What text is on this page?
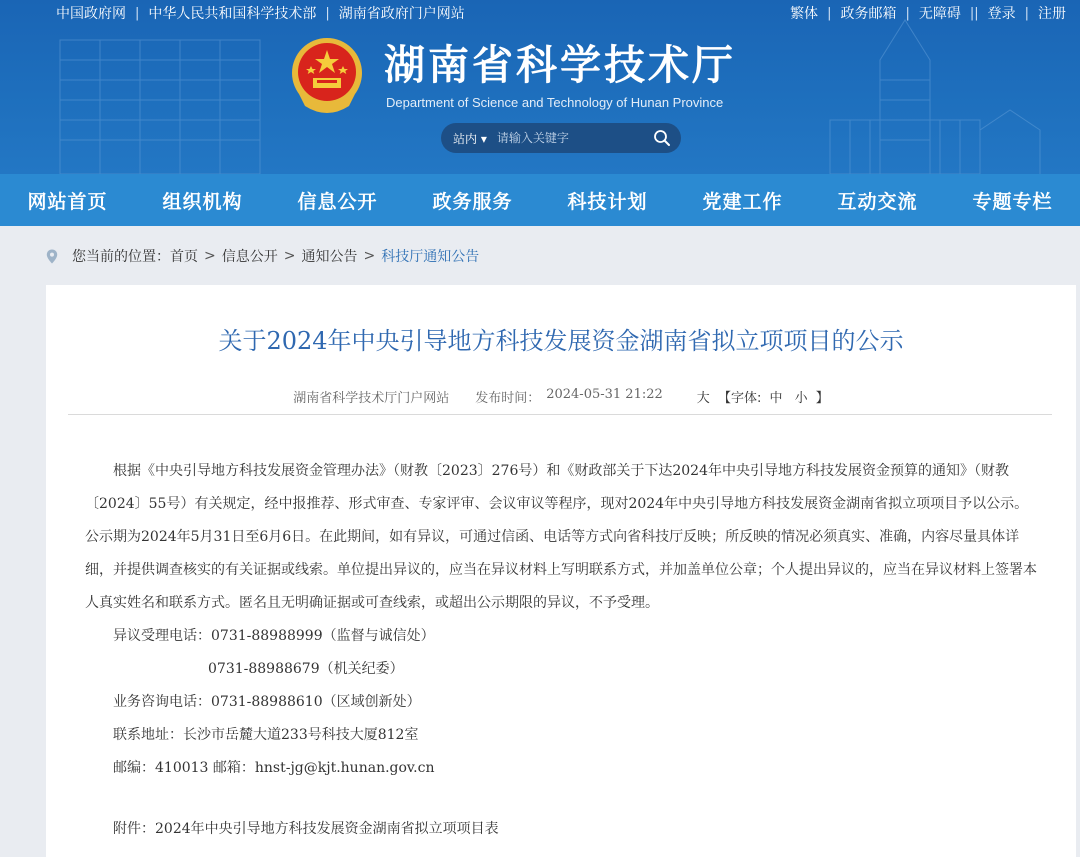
中国政府网 | 中华人民共和国科学技术部 | 湖南省政府门户网站	繁体 | 政务邮箱 | 无障碍 || 登录 | 注册
湖南省科学技术厅
Department of Science and Technology of Hunan Province
站内 ▾
请输入关键字
网站首页	组织机构	信息公开	政务服务	科技计划	党建工作	互动交流	专题专栏
您当前的位置： 首页 > 信息公开 > 通知公告 > 科技厅通知公告
关于2024年中央引导地方科技发展资金湖南省拟立项项目的公示
湖南省科学技术厅门户网站 发布时间： 2024-05-31 21:22	大 【字体: 中 小 】

根据《中央引导地方科技发展资金管理办法》（财教〔2023〕276号）和《财政部关于下达2024年中央引导地方科技发展资金预算的通知》（财教〔2024〕55号）有关规定，经中报推荐、形式审查、专家评审、会议审议等程序，现对2024年中央引导地方科技发展资金湖南省拟立项项目予以公示。

公示期为2024年5月31日至6月6日。在此期间，如有异议，可通过信函、电话等方式向省科技厅反映；所反映的情况必须真实、准确，内容尽量具体详细，并提供调查核实的有关证据或线索。单位提出异议的，应当在异议材料上写明联系方式，并加盖单位公章；个人提出异议的，应当在异议材料上签署本人真实姓名和联系方式。匿名且无明确证据或可查线索，或超出公示期限的异议，不予受理。

异议受理电话：0731-88988999（监督与诚信处）
0731-88988679（机关纪委）
业务咨询电话：0731-88988610（区域创新处）
联系地址：长沙市岳麓大道233号科技大厦812室
邮编：410013 邮箱：hnst-jg@kjt.hunan.gov.cn
附件：2024年中央引导地方科技发展资金湖南省拟立项项目表
